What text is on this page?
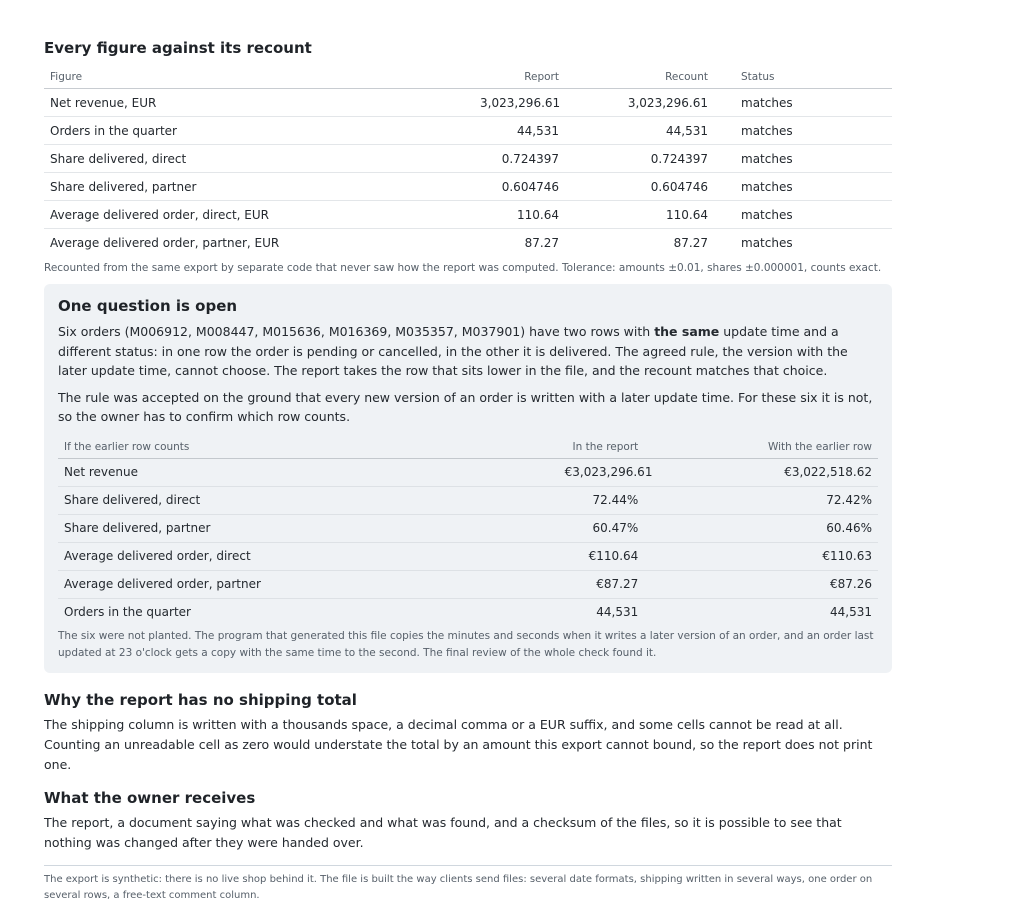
Every figure against its recount
Figure	Report	Recount	Status
Net revenue, EUR	3,023,296.61	3,023,296.61	matches
Orders in the quarter	44,531	44,531	matches
Share delivered, direct	0.724397	0.724397	matches
Share delivered, partner	0.604746	0.604746	matches
Average delivered order, direct, EUR	110.64	110.64	matches
Average delivered order, partner, EUR	87.27	87.27	matches
Recounted from the same export by separate code that never saw how the report was computed. Tolerance: amounts ±0.01, shares ±0.000001, counts exact.
One question is open

Six orders (M006912, M008447, M015636, M016369, M035357, M037901) have two rows with the same update time and a different status: in one row the order is pending or cancelled, in the other it is delivered. The agreed rule, the version with the later update time, cannot choose. The report takes the row that sits lower in the file, and the recount matches that choice.

The rule was accepted on the ground that every new version of an order is written with a later update time. For these six it is not, so the owner has to confirm which row counts.

If the earlier row counts	In the report	With the earlier row
Net revenue	€3,023,296.61	€3,022,518.62
Share delivered, direct	72.44%	72.42%
Share delivered, partner	60.47%	60.46%
Average delivered order, direct	€110.64	€110.63
Average delivered order, partner	€87.27	€87.26
Orders in the quarter	44,531	44,531
The six were not planted. The program that generated this file copies the minutes and seconds when it writes a later version of an order, and an order last updated at 23 o'clock gets a copy with the same time to the second. The final review of the whole check found it.
Why the report has no shipping total

The shipping column is written with a thousands space, a decimal comma or a EUR suffix, and some cells cannot be read at all. Counting an unreadable cell as zero would understate the total by an amount this export cannot bound, so the report does not print one.

What the owner receives

The report, a document saying what was checked and what was found, and a checksum of the files, so it is possible to see that nothing was changed after they were handed over.

The export is synthetic: there is no live shop behind it. The file is built the way clients send files: several date formats, shipping written in several ways, one order on several rows, a free-text comment column.
